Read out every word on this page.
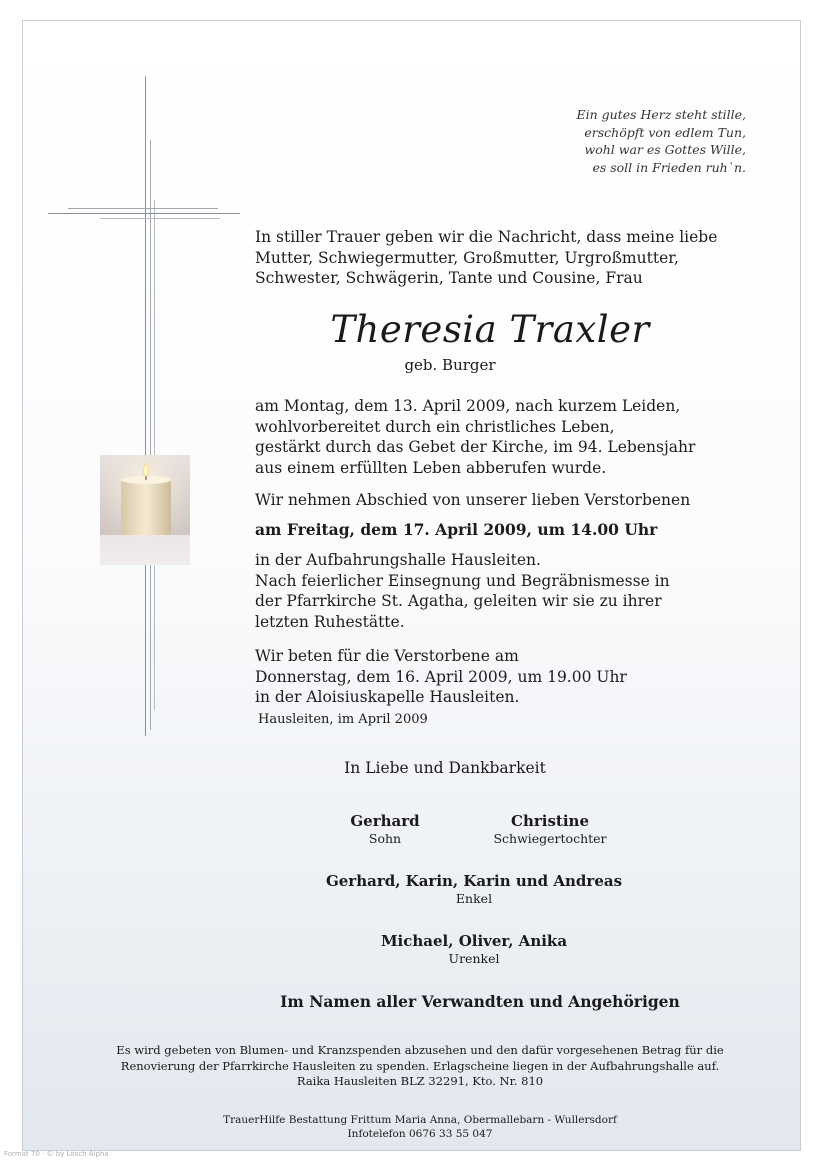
Ein gutes Herz steht stille,
erschöpft von edlem Tun,
wohl war es Gottes Wille,
es soll in Frieden ruh`n.
In stiller Trauer geben wir die Nachricht, dass meine liebe
Mutter, Schwiegermutter, Großmutter, Urgroßmutter,
Schwester, Schwägerin, Tante und Cousine, Frau
Theresia Traxler
geb. Burger
am Montag, dem 13. April 2009, nach kurzem Leiden,
wohlvorbereitet durch ein christliches Leben,
gestärkt durch das Gebet der Kirche, im 94. Lebensjahr
aus einem erfüllten Leben abberufen wurde.
Wir nehmen Abschied von unserer lieben Verstorbenen
am Freitag, dem 17. April 2009, um 14.00 Uhr
in der Aufbahrungshalle Hausleiten.
Nach feierlicher Einsegnung und Begräbnismesse in
der Pfarrkirche St. Agatha, geleiten wir sie zu ihrer
letzten Ruhestätte.
Wir beten für die Verstorbene am
Donnerstag, dem 16. April 2009, um 19.00 Uhr
in der Aloisiuskapelle Hausleiten.
Hausleiten, im April 2009
In Liebe und Dankbarkeit
Gerhard
Sohn
Christine
Schwiegertochter
Gerhard, Karin, Karin und Andreas
Enkel
Michael, Oliver, Anika
Urenkel
Im Namen aller Verwandten und Angehörigen
Es wird gebeten von Blumen- und Kranzspenden abzusehen und den dafür vorgesehenen Betrag für die
Renovierung der Pfarrkirche Hausleiten zu spenden. Erlagscheine liegen in der Aufbahrungshalle auf.
Raika Hausleiten BLZ 32291, Kto. Nr. 810
TrauerHilfe Bestattung Frittum Maria Anna, Obermallebarn - Wullersdorf
Infotelefon 0676 33 55 047
Format 70 · © by Lösch Alpha
